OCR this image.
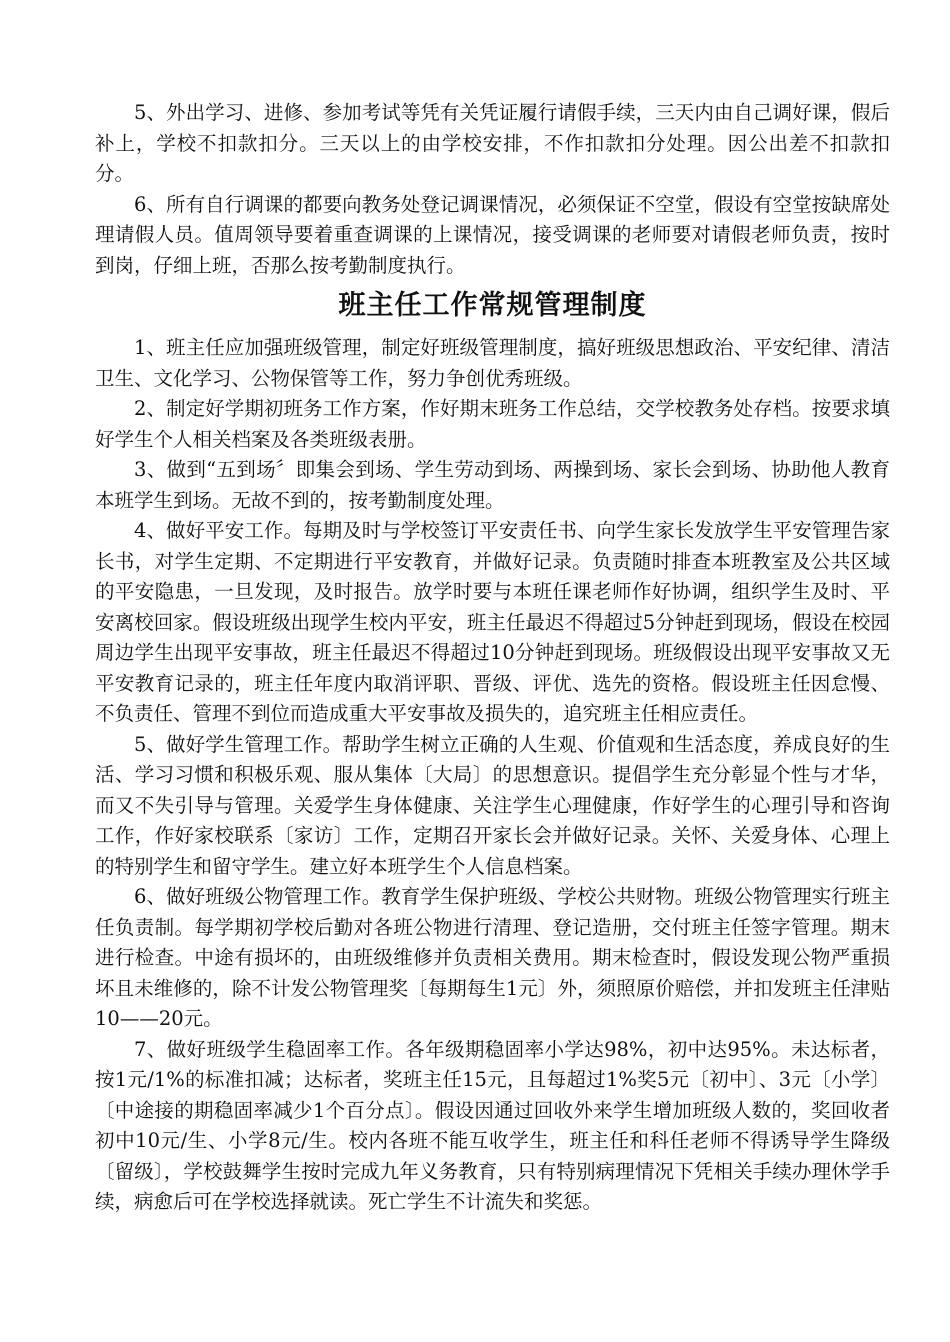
5、外出学习、进修、参加考试等凭有关凭证履行请假手续，三天内由自己调好课，假后补上，学校不扣款扣分。三天以上的由学校安排，不作扣款扣分处理。因公出差不扣款扣分。

6、所有自行调课的都要向教务处登记调课情况，必须保证不空堂，假设有空堂按缺席处理请假人员。值周领导要着重查调课的上课情况，接受调课的老师要对请假老师负责，按时到岗，仔细上班，否那么按考勤制度执行。

班主任工作常规管理制度

1、班主任应加强班级管理，制定好班级管理制度，搞好班级思想政治、平安纪律、清洁卫生、文化学习、公物保管等工作，努力争创优秀班级。

2、制定好学期初班务工作方案，作好期末班务工作总结，交学校教务处存档。按要求填好学生个人相关档案及各类班级表册。

3、做到“五到场〞即集会到场、学生劳动到场、两操到场、家长会到场、协助他人教育本班学生到场。无故不到的，按考勤制度处理。

4、做好平安工作。每期及时与学校签订平安责任书、向学生家长发放学生平安管理告家长书，对学生定期、不定期进行平安教育，并做好记录。负责随时排查本班教室及公共区域的平安隐患，一旦发现，及时报告。放学时要与本班任课老师作好协调，组织学生及时、平安离校回家。假设班级出现学生校内平安，班主任最迟不得超过5分钟赶到现场，假设在校园周边学生出现平安事故，班主任最迟不得超过10分钟赶到现场。班级假设出现平安事故又无平安教育记录的，班主任年度内取消评职、晋级、评优、选先的资格。假设班主任因怠慢、不负责任、管理不到位而造成重大平安事故及损失的，追究班主任相应责任。

5、做好学生管理工作。帮助学生树立正确的人生观、价值观和生活态度，养成良好的生活、学习习惯和积极乐观、服从集体〔大局〕的思想意识。提倡学生充分彰显个性与才华，而又不失引导与管理。关爱学生身体健康、关注学生心理健康，作好学生的心理引导和咨询工作，作好家校联系〔家访〕工作，定期召开家长会并做好记录。关怀、关爱身体、心理上的特别学生和留守学生。建立好本班学生个人信息档案。

6、做好班级公物管理工作。教育学生保护班级、学校公共财物。班级公物管理实行班主任负责制。每学期初学校后勤对各班公物进行清理、登记造册，交付班主任签字管理。期末进行检查。中途有损坏的，由班级维修并负责相关费用。期末检查时，假设发现公物严重损坏且未维修的，除不计发公物管理奖〔每期每生1元〕外，须照原价赔偿，并扣发班主任津贴10——20元。

7、做好班级学生稳固率工作。各年级期稳固率小学达98%，初中达95%。未达标者，按1元/1%的标准扣减；达标者，奖班主任15元，且每超过1%奖5元〔初中〕、3元〔小学〕〔中途接的期稳固率减少1个百分点〕。假设因通过回收外来学生增加班级人数的，奖回收者初中10元/生、小学8元/生。校内各班不能互收学生，班主任和科任老师不得诱导学生降级〔留级〕，学校鼓舞学生按时完成九年义务教育，只有特别病理情况下凭相关手续办理休学手续，病愈后可在学校选择就读。死亡学生不计流失和奖惩。
